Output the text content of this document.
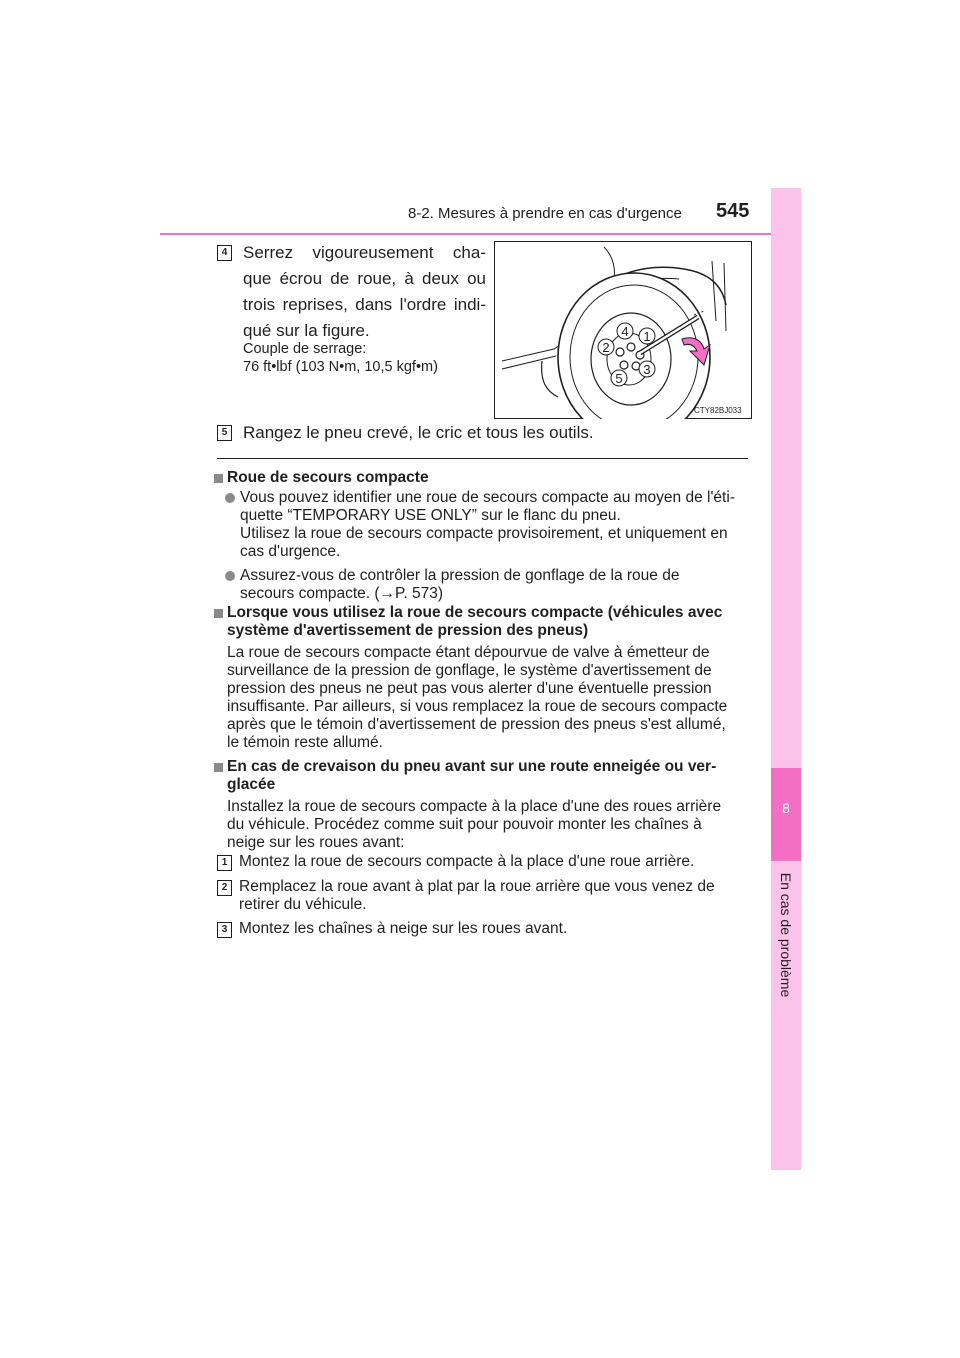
8-2. Mesures à prendre en cas d'urgence 545
8
En cas de problème
4 Serrez vigoureusement cha-
que écrou de roue, à deux ou
trois reprises, dans l'ordre indi-
qué sur la figure.
Couple de serrage:
76 ft•lbf (103 N•m, 10,5 kgf•m)
1
2
3
4
5
CTY82BJ033
5 Rangez le pneu crevé, le cric et tous les outils.
Roue de secours compacte
Vous pouvez identifier une roue de secours compacte au moyen de l'éti-
quette “TEMPORARY USE ONLY” sur le flanc du pneu.
Utilisez la roue de secours compacte provisoirement, et uniquement en
cas d'urgence.
Assurez-vous de contrôler la pression de gonflage de la roue de
secours compacte. (→P. 573)
Lorsque vous utilisez la roue de secours compacte (véhicules avec
système d'avertissement de pression des pneus)
La roue de secours compacte étant dépourvue de valve à émetteur de
surveillance de la pression de gonflage, le système d'avertissement de
pression des pneus ne peut pas vous alerter d'une éventuelle pression
insuffisante. Par ailleurs, si vous remplacez la roue de secours compacte
après que le témoin d'avertissement de pression des pneus s'est allumé,
le témoin reste allumé.
En cas de crevaison du pneu avant sur une route enneigée ou ver-
glacée
Installez la roue de secours compacte à la place d'une des roues arrière
du véhicule. Procédez comme suit pour pouvoir monter les chaînes à
neige sur les roues avant:
1 Montez la roue de secours compacte à la place d'une roue arrière.
2 Remplacez la roue avant à plat par la roue arrière que vous venez de
retirer du véhicule.
3 Montez les chaînes à neige sur les roues avant.
